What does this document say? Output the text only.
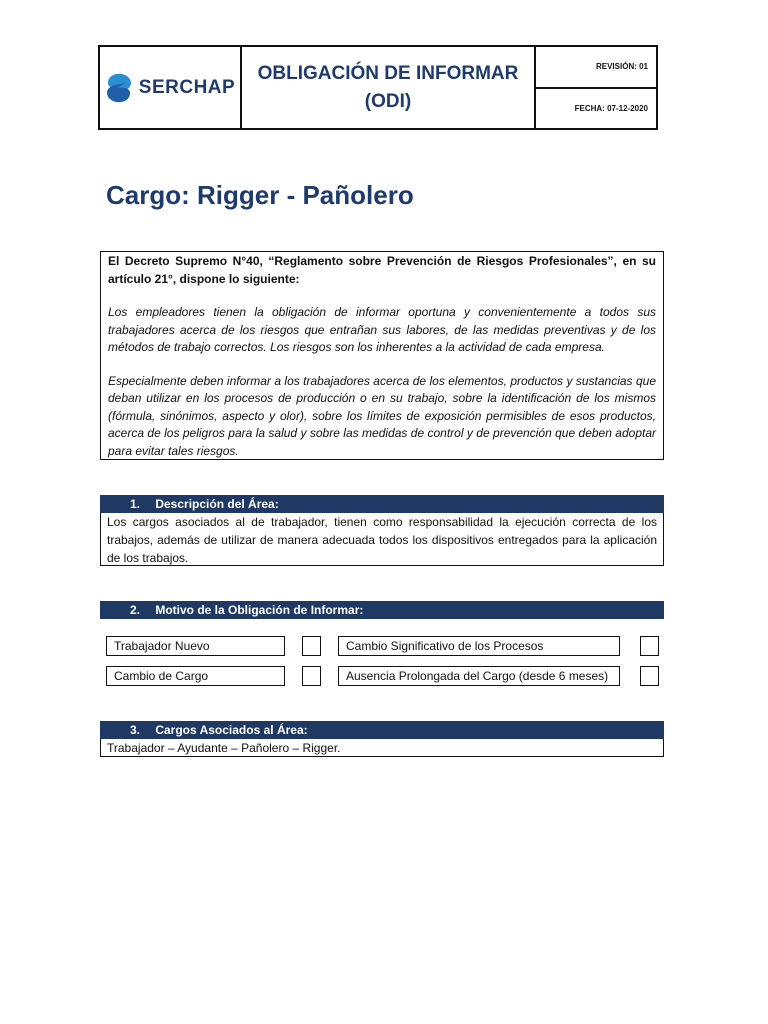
SERCHAP
OBLIGACIÓN DE INFORMAR
(ODI)
REVISIÓN: 01
FECHA: 07-12-2020
Cargo: Rigger - Pañolero

El Decreto Supremo N°40, “Reglamento sobre Prevención de Riesgos Profesionales”, en su artículo 21°, dispone lo siguiente:

Los empleadores tienen la obligación de informar oportuna y convenientemente a todos sus trabajadores acerca de los riesgos que entrañan sus labores, de las medidas preventivas y de los métodos de trabajo correctos. Los riesgos son los inherentes a la actividad de cada empresa.

Especialmente deben informar a los trabajadores acerca de los elementos, productos y sustancias que deban utilizar en los procesos de producción o en su trabajo, sobre la identificación de los mismos (fórmula, sinónimos, aspecto y olor), sobre los límites de exposición permisibles de esos productos, acerca de los peligros para la salud y sobre las medidas de control y de prevención que deben adoptar para evitar tales riesgos.

1. Descripción del Área:
Los cargos asociados al de trabajador, tienen como responsabilidad la ejecución correcta de los trabajos, además de utilizar de manera adecuada todos los dispositivos entregados para la aplicación de los trabajos.
2. Motivo de la Obligación de Informar:
Trabajador Nuevo	Cambio Significativo de los Procesos
Cambio de Cargo	Ausencia Prolongada del Cargo (desde 6 meses)
3. Cargos Asociados al Área:
Trabajador – Ayudante – Pañolero – Rigger.
